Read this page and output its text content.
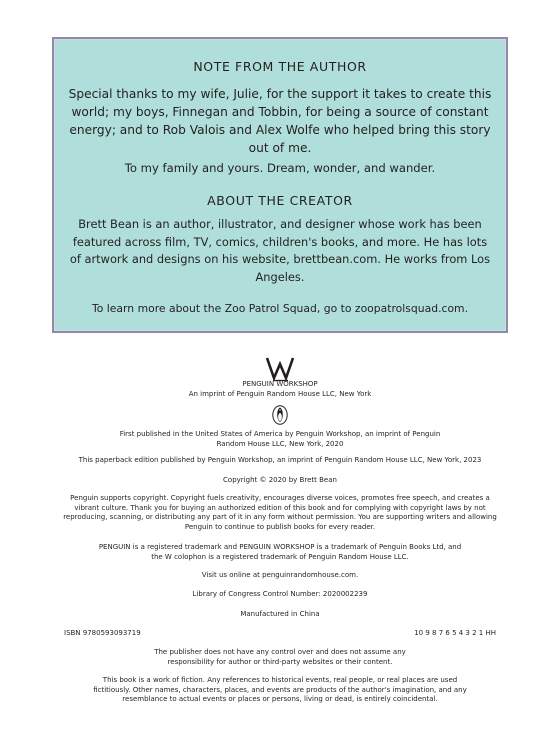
NOTE FROM THE AUTHOR

Special thanks to my wife, Julie, for the support it takes to create this world; my boys, Finnegan and Tobbin, for being a source of constant energy; and to Rob Valois and Alex Wolfe who helped bring this story out of me.

To my family and yours. Dream, wonder, and wander.
ABOUT THE CREATOR

Brett Bean is an author, illustrator, and designer whose work has been featured across film, TV, comics, children's books, and more. He has lots of artwork and designs on his website, brettbean.com. He works from Los Angeles.

To learn more about the Zoo Patrol Squad, go to zoopatrolsquad.com.
PENGUIN WORKSHOP
An imprint of Penguin Random House LLC, New York
First published in the United States of America by Penguin Workshop, an imprint of Penguin Random House LLC, New York, 2020
This paperback edition published by Penguin Workshop, an imprint of Penguin Random House LLC, New York, 2023
Copyright © 2020 by Brett Bean
Penguin supports copyright. Copyright fuels creativity, encourages diverse voices, promotes free speech, and creates a vibrant culture. Thank you for buying an authorized edition of this book and for complying with copyright laws by not reproducing, scanning, or distributing any part of it in any form without permission. You are supporting writers and allowing Penguin to continue to publish books for every reader.
PENGUIN is a registered trademark and PENGUIN WORKSHOP is a trademark of Penguin Books Ltd, and the W colophon is a registered trademark of Penguin Random House LLC.
Visit us online at penguinrandomhouse.com.
Library of Congress Control Number: 2020002239
Manufactured in China
ISBN 9780593093719	10 9 8 7 6 5 4 3 2 1 HH
The publisher does not have any control over and does not assume any responsibility for author or third-party websites or their content.
This book is a work of fiction. Any references to historical events, real people, or real places are used fictitiously. Other names, characters, places, and events are products of the author's imagination, and any resemblance to actual events or places or persons, living or dead, is entirely coincidental.
